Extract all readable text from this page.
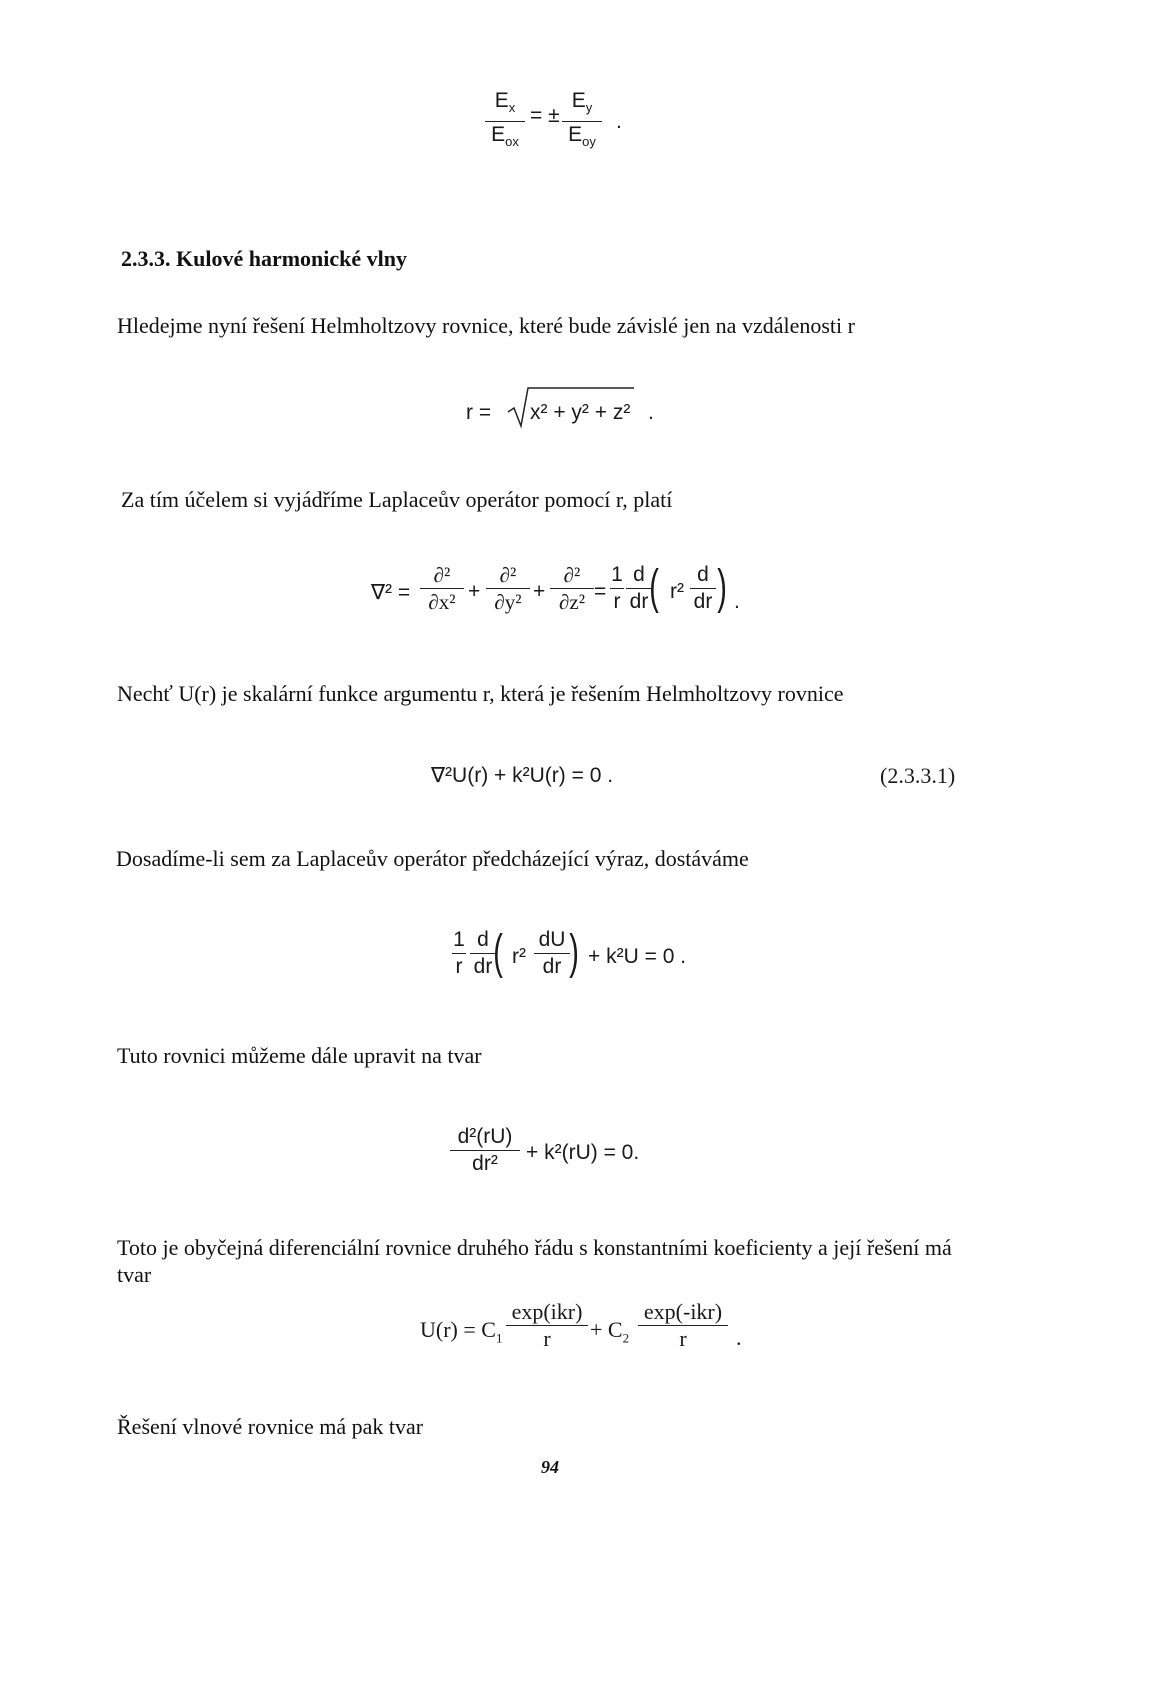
$E_x$
$E_{ox}$
= ±
$E_y$
$E_{oy}$
.
2.3.3. Kulové harmonické vlny
Hledejme nyní řešení Helmholtzovy rovnice, které bude závislé jen na vzdálenosti r
r = x² + y² + z² .
Za tím účelem si vyjádříme Laplaceův operátor pomocí r, platí
∇² =
∂²
∂x² +
∂²
∂y² +
∂²
∂z² =
1
r
d
dr ( r²
d
dr ) .
Nechť U(r) je skalární funkce argumentu r, která je řešením Helmholtzovy rovnice
∇²U(r) + k²U(r) = 0 .	(2.3.3.1)
Dosadíme-li sem za Laplaceův operátor předcházející výraz, dostáváme
1
r
d
dr ( r²
dU
dr ) + k²U = 0 .
Tuto rovnici můžeme dále upravit na tvar
d²(rU)
dr²	+ k²(rU) = 0.
Toto je obyčejná diferenciální rovnice druhého řádu s konstantními koeficienty a její řešení má
tvar
$U(r) = C_1$
exp(ikr)
r	+ $C_2$
exp(-ikr)
r	.
Řešení vlnové rovnice má pak tvar
94
